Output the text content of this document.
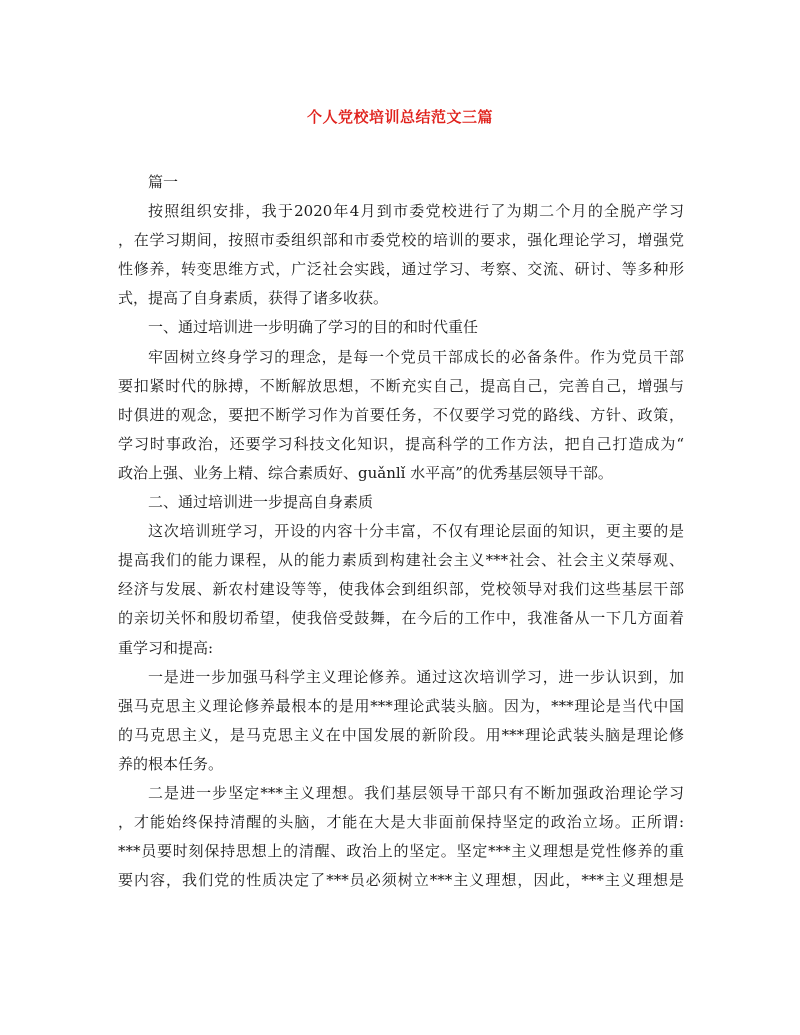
个人党校培训总结范文三篇
篇一
按照组织安排，我于2020年4月到市委党校进行了为期二个月的全脱产学习
，在学习期间，按照市委组织部和市委党校的培训的要求，强化理论学习，增强党
性修养，转变思维方式，广泛社会实践，通过学习、考察、交流、研讨、等多种形
式，提高了自身素质，获得了诸多收获。
一、通过培训进一步明确了学习的目的和时代重任
牢固树立终身学习的理念，是每一个党员干部成长的必备条件。作为党员干部
要扣紧时代的脉搏，不断解放思想，不断充实自己，提高自己，完善自己，增强与
时俱进的观念，要把不断学习作为首要任务，不仅要学习党的路线、方针、政策，
学习时事政治，还要学习科技文化知识，提高科学的工作方法，把自己打造成为“
政治上强、业务上精、综合素质好、guǎnlǐ 水平高”的优秀基层领导干部。
二、通过培训进一步提高自身素质
这次培训班学习，开设的内容十分丰富，不仅有理论层面的知识，更主要的是
提高我们的能力课程，从的能力素质到构建社会主义***社会、社会主义荣辱观、
经济与发展、新农村建设等等，使我体会到组织部，党校领导对我们这些基层干部
的亲切关怀和殷切希望，使我倍受鼓舞，在今后的工作中，我准备从一下几方面着
重学习和提高:
一是进一步加强马科学主义理论修养。通过这次培训学习，进一步认识到，加
强马克思主义理论修养最根本的是用***理论武装头脑。因为，***理论是当代中国
的马克思主义，是马克思主义在中国发展的新阶段。用***理论武装头脑是理论修
养的根本任务。
二是进一步坚定***主义理想。我们基层领导干部只有不断加强政治理论学习
，才能始终保持清醒的头脑，才能在大是大非面前保持坚定的政治立场。正所谓:
***员要时刻保持思想上的清醒、政治上的坚定。坚定***主义理想是党性修养的重
要内容，我们党的性质决定了***员必须树立***主义理想，因此，***主义理想是
